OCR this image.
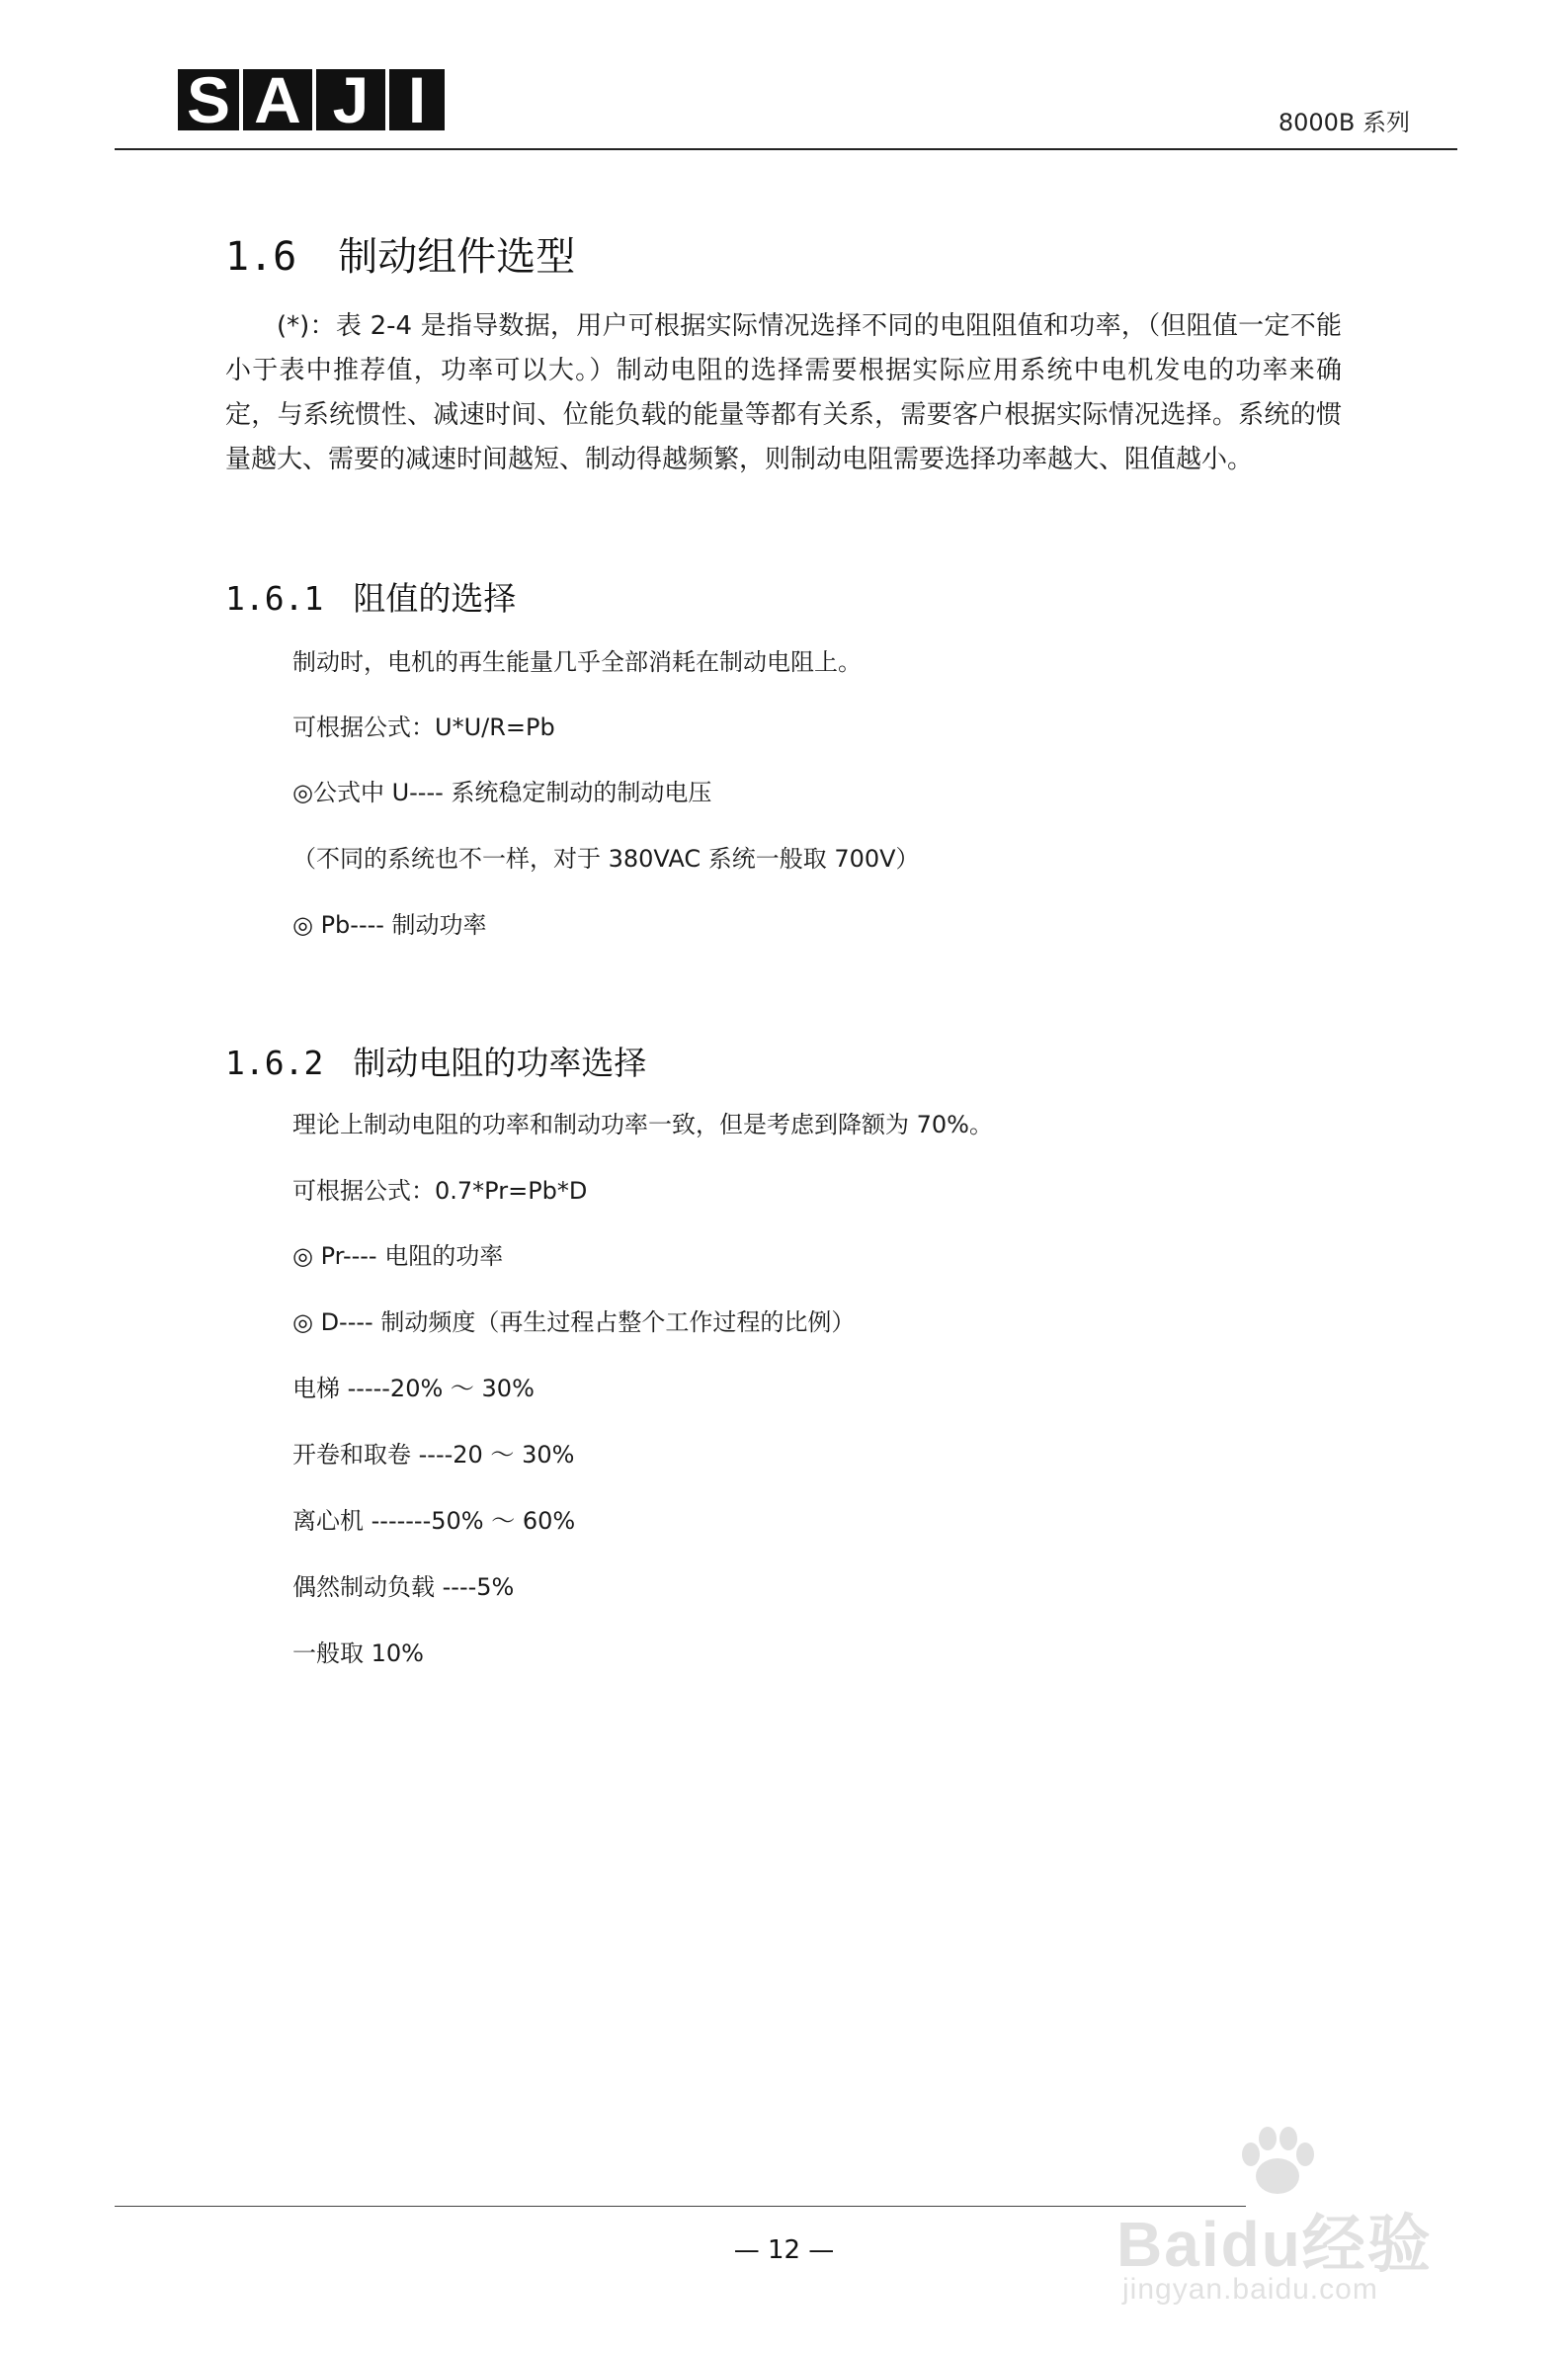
S A J I	8000B 系列
1.6 制动组件选型
(*)：表 2-4 是指导数据，用户可根据实际情况选择不同的电阻阻值和功率，（但阻值一定不能小于表中推荐值，功率可以大。）制动电阻的选择需要根据实际应用系统中电机发电的功率来确定，与系统惯性、减速时间、位能负载的能量等都有关系，需要客户根据实际情况选择。系统的惯量越大、需要的减速时间越短、制动得越频繁，则制动电阻需要选择功率越大、阻值越小。
1.6.1 阻值的选择
制动时，电机的再生能量几乎全部消耗在制动电阻上。
可根据公式：U*U/R=Pb
◎公式中 U---- 系统稳定制动的制动电压
（不同的系统也不一样，对于 380VAC 系统一般取 700V）
◎ Pb---- 制动功率
1.6.2 制动电阻的功率选择
理论上制动电阻的功率和制动功率一致，但是考虑到降额为 70%。
可根据公式：0.7*Pr=Pb*D
◎ Pr---- 电阻的功率
◎ D---- 制动频度（再生过程占整个工作过程的比例）
电梯 -----20% ～ 30%
开卷和取卷 ----20 ～ 30%
离心机 -------50% ～ 60%
偶然制动负载 ----5%
一般取 10%
— 12 —	Baidu经验
jingyan.baidu.com
